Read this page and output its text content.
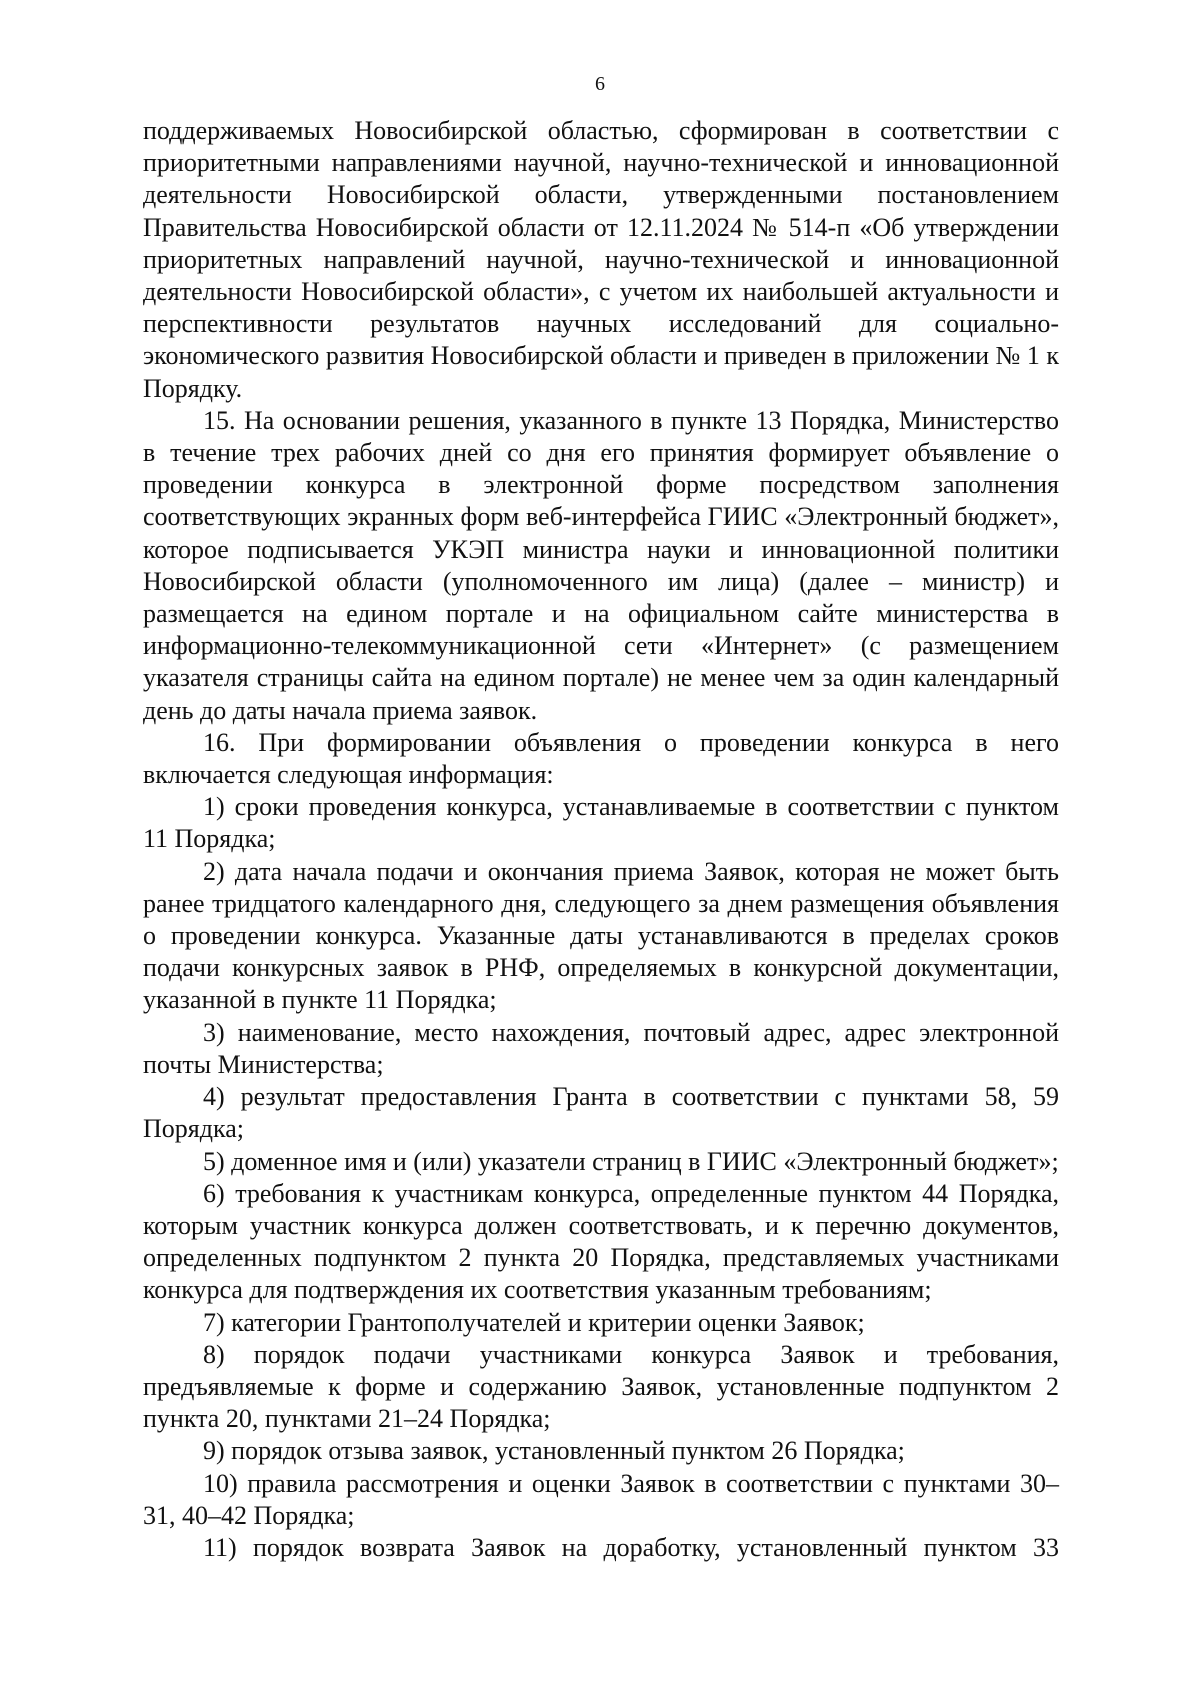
6

поддерживаемых Новосибирской областью, сформирован в соответствии с приоритетными направлениями научной, научно-технической и инновационной деятельности Новосибирской области, утвержденными постановлением Правительства Новосибирской области от 12.11.2024 № 514-п «Об утверждении приоритетных направлений научной, научно-технической и инновационной деятельности Новосибирской области», с учетом их наибольшей актуальности и перспективности результатов научных исследований для социально-экономического развития Новосибирской области и приведен в приложении № 1 к Порядку.

15. На основании решения, указанного в пункте 13 Порядка, Министерство в течение трех рабочих дней со дня его принятия формирует объявление о проведении конкурса в электронной форме посредством заполнения соответствующих экранных форм веб-интерфейса ГИИС «Электронный бюджет», которое подписывается УКЭП министра науки и инновационной политики Новосибирской области (уполномоченного им лица) (далее – министр) и размещается на едином портале и на официальном сайте министерства в информационно-телекоммуникационной сети «Интернет» (с размещением указателя страницы сайта на едином портале) не менее чем за один календарный день до даты начала приема заявок.

16. При формировании объявления о проведении конкурса в него включается следующая информация:

1) сроки проведения конкурса, устанавливаемые в соответствии с пунктом 11 Порядка;

2) дата начала подачи и окончания приема Заявок, которая не может быть ранее тридцатого календарного дня, следующего за днем размещения объявления о проведении конкурса. Указанные даты устанавливаются в пределах сроков подачи конкурсных заявок в РНФ, определяемых в конкурсной документации, указанной в пункте 11 Порядка;

3) наименование, место нахождения, почтовый адрес, адрес электронной почты Министерства;

4) результат предоставления Гранта в соответствии с пунктами 58, 59 Порядка;

5) доменное имя и (или) указатели страниц в ГИИС «Электронный бюджет»;

6) требования к участникам конкурса, определенные пунктом 44 Порядка, которым участник конкурса должен соответствовать, и к перечню документов, определенных подпунктом 2 пункта 20 Порядка, представляемых участниками конкурса для подтверждения их соответствия указанным требованиям;

7) категории Грантополучателей и критерии оценки Заявок;

8) порядок подачи участниками конкурса Заявок и требования, предъявляемые к форме и содержанию Заявок, установленные подпунктом 2 пункта 20, пунктами 21–24 Порядка;

9) порядок отзыва заявок, установленный пунктом 26 Порядка;

10) правила рассмотрения и оценки Заявок в соответствии с пунктами 30–31, 40–42 Порядка;

11) порядок возврата Заявок на доработку, установленный пунктом 33
